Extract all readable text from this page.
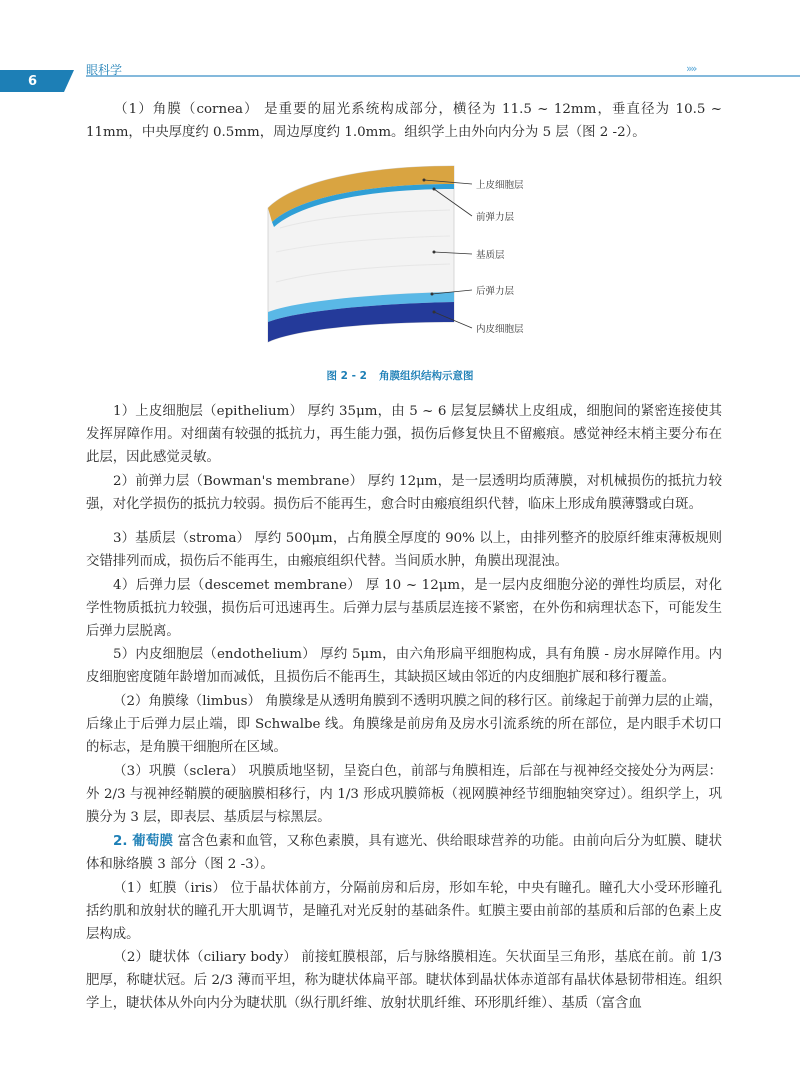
6
眼科学	»»

（1）角膜（cornea） 是重要的屈光系统构成部分，横径为 11.5 ~ 12mm，垂直径为 10.5 ~ 11mm，中央厚度约 0.5mm，周边厚度约 1.0mm。组织学上由外向内分为 5 层（图 2 -2）。

上皮细胞层
前弹力层
基质层
后弹力层
内皮细胞层
图 2 - 2 角膜组织结构示意图

1）上皮细胞层（epithelium） 厚约 35μm，由 5 ~ 6 层复层鳞状上皮组成，细胞间的紧密连接使其发挥屏障作用。对细菌有较强的抵抗力，再生能力强，损伤后修复快且不留瘢痕。感觉神经末梢主要分布在此层，因此感觉灵敏。

2）前弹力层（Bowman's membrane） 厚约 12μm，是一层透明均质薄膜，对机械损伤的抵抗力较强，对化学损伤的抵抗力较弱。损伤后不能再生，愈合时由瘢痕组织代替，临床上形成角膜薄翳或白斑。

3）基质层（stroma） 厚约 500μm，占角膜全厚度的 90% 以上，由排列整齐的胶原纤维束薄板规则交错排列而成，损伤后不能再生，由瘢痕组织代替。当间质水肿，角膜出现混浊。

4）后弹力层（descemet membrane） 厚 10 ~ 12μm，是一层内皮细胞分泌的弹性均质层，对化学性物质抵抗力较强，损伤后可迅速再生。后弹力层与基质层连接不紧密，在外伤和病理状态下，可能发生后弹力层脱离。

5）内皮细胞层（endothelium） 厚约 5μm，由六角形扁平细胞构成，具有角膜 - 房水屏障作用。内皮细胞密度随年龄增加而减低，且损伤后不能再生，其缺损区域由邻近的内皮细胞扩展和移行覆盖。

（2）角膜缘（limbus） 角膜缘是从透明角膜到不透明巩膜之间的移行区。前缘起于前弹力层的止端，后缘止于后弹力层止端，即 Schwalbe 线。角膜缘是前房角及房水引流系统的所在部位，是内眼手术切口的标志，是角膜干细胞所在区域。

（3）巩膜（sclera） 巩膜质地坚韧，呈瓷白色，前部与角膜相连，后部在与视神经交接处分为两层：外 2/3 与视神经鞘膜的硬脑膜相移行，内 1/3 形成巩膜筛板（视网膜神经节细胞轴突穿过）。组织学上，巩膜分为 3 层，即表层、基质层与棕黑层。

2. 葡萄膜 富含色素和血管，又称色素膜，具有遮光、供给眼球营养的功能。由前向后分为虹膜、睫状体和脉络膜 3 部分（图 2 -3）。

（1）虹膜（iris） 位于晶状体前方，分隔前房和后房，形如车轮，中央有瞳孔。瞳孔大小受环形瞳孔括约肌和放射状的瞳孔开大肌调节，是瞳孔对光反射的基础条件。虹膜主要由前部的基质和后部的色素上皮层构成。

（2）睫状体（ciliary body） 前接虹膜根部，后与脉络膜相连。矢状面呈三角形，基底在前。前 1/3 肥厚，称睫状冠。后 2/3 薄而平坦，称为睫状体扁平部。睫状体到晶状体赤道部有晶状体悬韧带相连。组织学上，睫状体从外向内分为睫状肌（纵行肌纤维、放射状肌纤维、环形肌纤维）、基质（富含血
